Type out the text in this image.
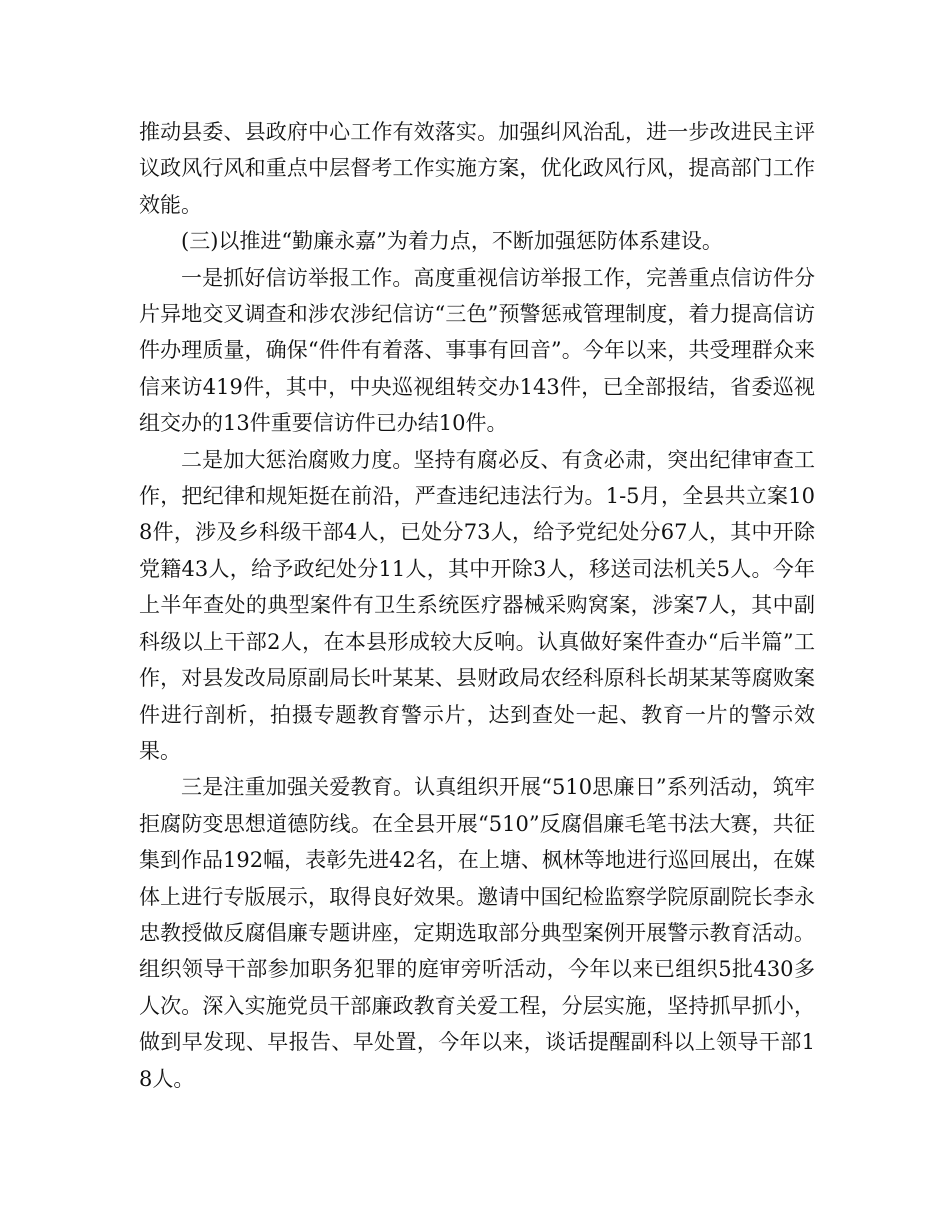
推动县委、县政府中心工作有效落实。加强纠风治乱，进一步改进民主评议政风行风和重点中层督考工作实施方案，优化政风行风，提高部门工作效能。

(三)以推进“勤廉永嘉”为着力点，不断加强惩防体系建设。

一是抓好信访举报工作。高度重视信访举报工作，完善重点信访件分片异地交叉调查和涉农涉纪信访“三色”预警惩戒管理制度，着力提高信访件办理质量，确保“件件有着落、事事有回音”。今年以来，共受理群众来信来访419件，其中，中央巡视组转交办143件，已全部报结，省委巡视组交办的13件重要信访件已办结10件。

二是加大惩治腐败力度。坚持有腐必反、有贪必肃，突出纪律审查工作，把纪律和规矩挺在前沿，严查违纪违法行为。1-5月，全县共立案108件，涉及乡科级干部4人，已处分73人，给予党纪处分67人，其中开除党籍43人，给予政纪处分11人，其中开除3人，移送司法机关5人。今年上半年查处的典型案件有卫生系统医疗器械采购窝案，涉案7人，其中副科级以上干部2人，在本县形成较大反响。认真做好案件查办“后半篇”工作，对县发改局原副局长叶某某、县财政局农经科原科长胡某某等腐败案件进行剖析，拍摄专题教育警示片，达到查处一起、教育一片的警示效果。

三是注重加强关爱教育。认真组织开展“510思廉日”系列活动，筑牢拒腐防变思想道德防线。在全县开展“510”反腐倡廉毛笔书法大赛，共征集到作品192幅，表彰先进42名，在上塘、枫林等地进行巡回展出，在媒体上进行专版展示，取得良好效果。邀请中国纪检监察学院原副院长李永忠教授做反腐倡廉专题讲座，定期选取部分典型案例开展警示教育活动。组织领导干部参加职务犯罪的庭审旁听活动，今年以来已组织5批430多人次。深入实施党员干部廉政教育关爱工程，分层实施，坚持抓早抓小，做到早发现、早报告、早处置，今年以来，谈话提醒副科以上领导干部18人。
